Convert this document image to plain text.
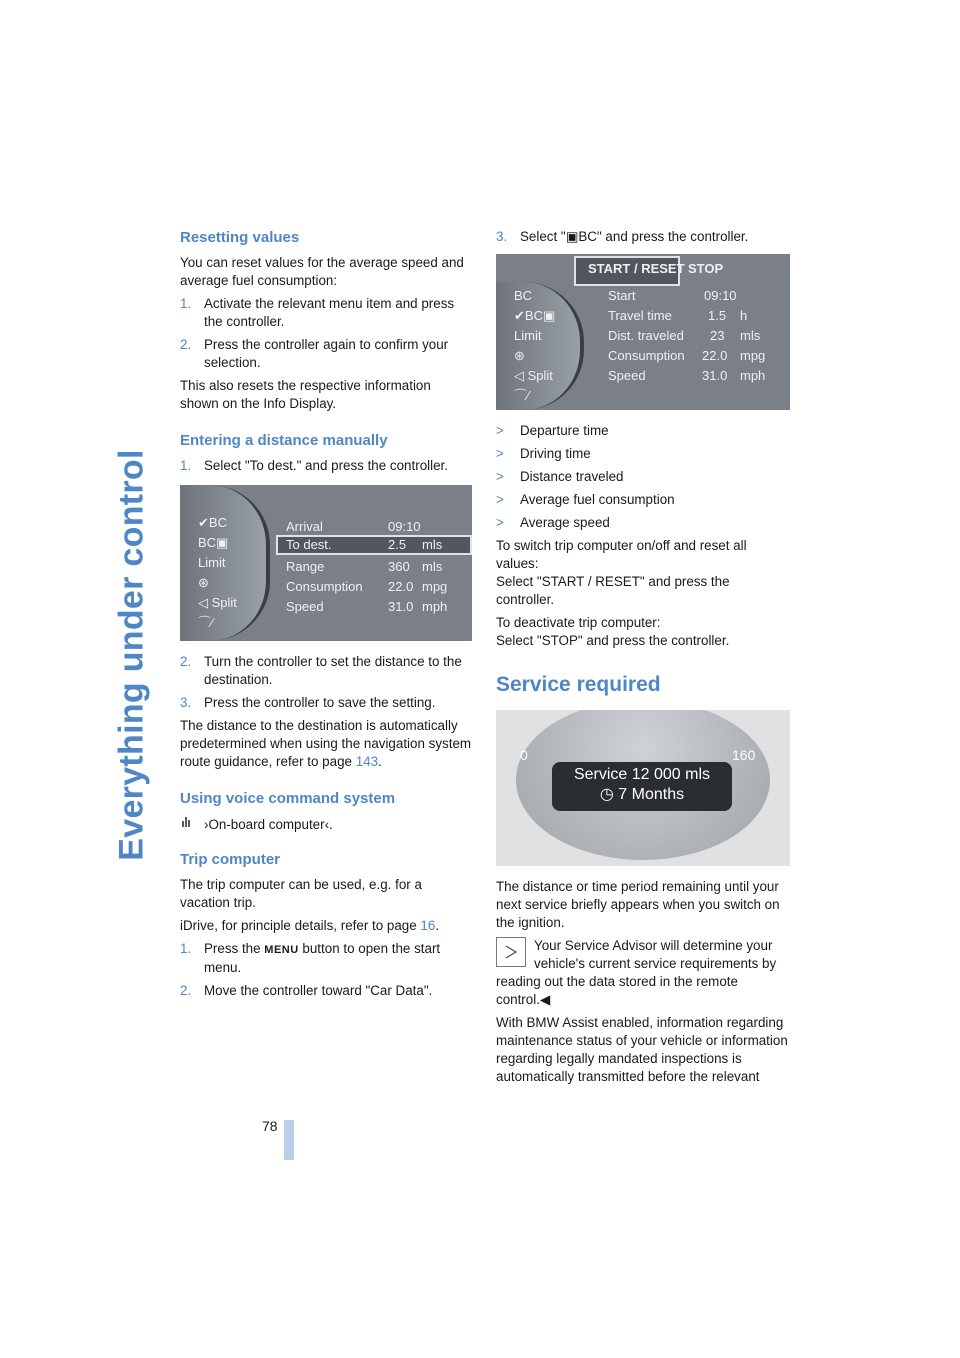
Everything under control
78
Resetting values

You can reset values for the average speed and average fuel consumption:

1. Activate the relevant menu item and press the controller.
2. Press the controller again to confirm your selection.

This also resets the respective information shown on the Info Display.

Entering a distance manually
1. Select "To dest." and press the controller.
✔BC
BC▣
Limit
⊛
◁ Split
⌒⁄
Arrival	09:10
To dest.	2.5 mls
Range	360 mls
Consumption 22.0 mpg
Speed	31.0 mph
2. Turn the controller to set the distance to the destination.
3. Press the controller to save the setting.

The distance to the destination is automatically predetermined when using the navigation system route guidance, refer to page 143.

Using voice command system
›On-board computer‹.
Trip computer

The trip computer can be used, e.g. for a vacation trip.

iDrive, for principle details, refer to page 16.

1. Press the MENU button to open the start menu.
2. Move the controller toward "Car Data".
3. Select "▣BC" and press the controller.
START / RESET STOP
BC
✔BC▣
Limit
⊛
◁ Split
⌒⁄
Start	09:10
Travel time	1.5 h
Dist. traveled 23 mls
Consumption 22.0 mpg
Speed	31.0 mph
> Departure time
> Driving time
> Distance traveled
> Average fuel consumption
> Average speed

To switch trip computer on/off and reset all values:

Select "START / RESET" and press the controller.

To deactivate trip computer:

Select "STOP" and press the controller.

Service required
0	160
Service 12 000 mls
◷ 7 Months

The distance or time period remaining until your next service briefly appears when you switch on the ignition.

Your Service Advisor will determine your vehicle's current service requirements by reading out the data stored in the remote control.◀

With BMW Assist enabled, information regarding maintenance status of your vehicle or information regarding legally mandated inspections is automatically transmitted before the relevant
